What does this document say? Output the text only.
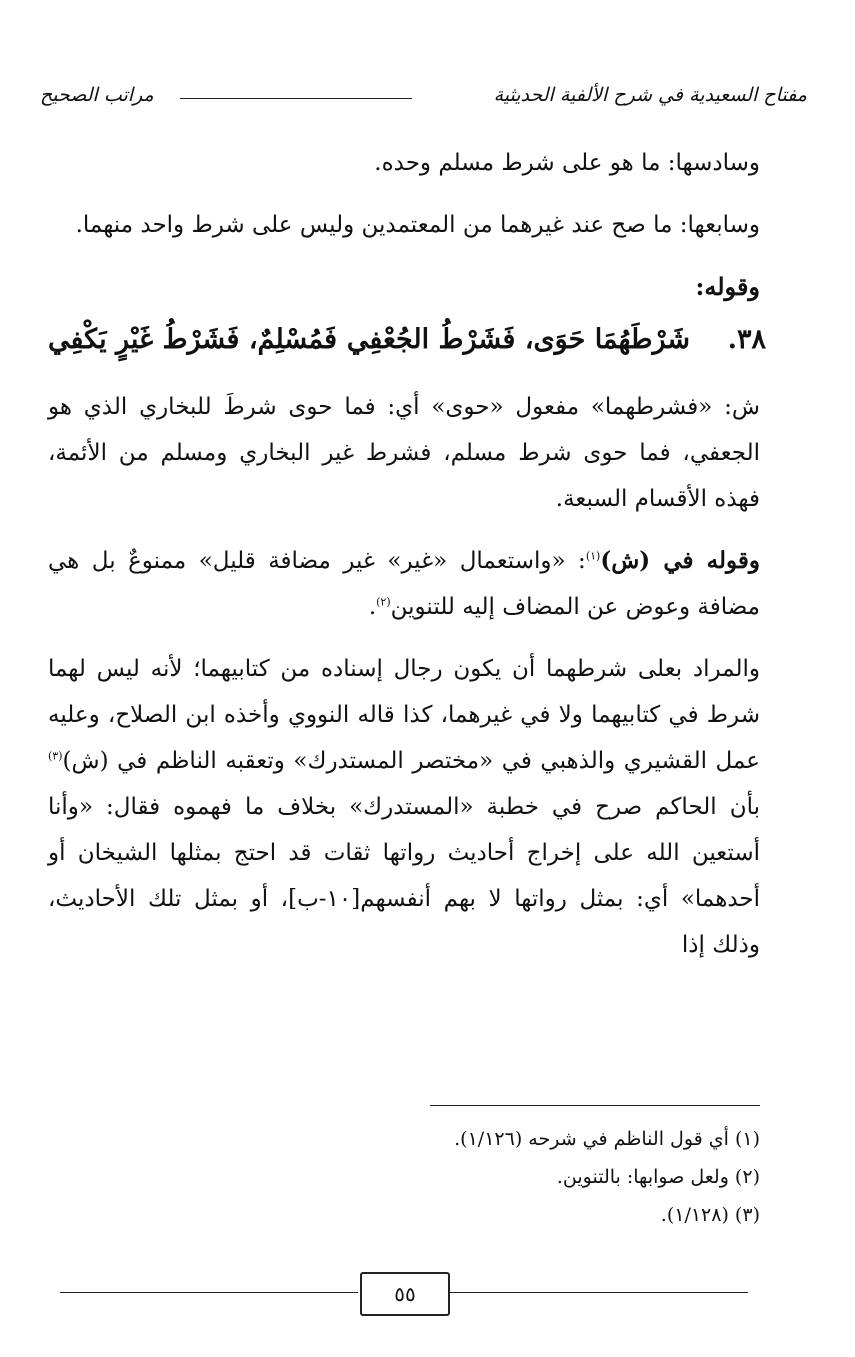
مفتاح السعيدية في شرح الألفية الحديثية
مراتب الصحيح

وسادسها: ما هو على شرط مسلم وحده.

وسابعها: ما صح عند غيرهما من المعتمدين وليس على شرط واحد منهما.

وقوله:
٣٨.
شَرْطَهُمَا حَوَى، فَشَرْطُ الجُعْفِي
فَمُسْلِمٌ، فَشَرْطُ غَيْرٍ يَكْفِي

ش: «فشرطهما» مفعول «حوى» أي: فما حوى شرطَ للبخاري الذي هو الجعفي، فما حوى شرط مسلم، فشرط غير البخاري ومسلم من الأئمة، فهذه الأقسام السبعة.

وقوله في (ش)$^{(١)}$: «واستعمال «غير» غير مضافة قليل» ممنوعٌ بل هي مضافة وعوض عن المضاف إليه للتنوين$^{(٢)}$.

والمراد بعلى شرطهما أن يكون رجال إسناده من كتابيهما؛ لأنه ليس لهما شرط في كتابيهما ولا في غيرهما، كذا قاله النووي وأخذه ابن الصلاح، وعليه عمل القشيري والذهبي في «مختصر المستدرك» وتعقبه الناظم في (ش)$^{(٣)}$ بأن الحاكم صرح في خطبة «المستدرك» بخلاف ما فهموه فقال: «وأنا أستعين الله على إخراج أحاديث رواتها ثقات قد احتج بمثلها الشيخان أو أحدهما» أي: بمثل رواتها لا بهم أنفسهم[١٠-ب]، أو بمثل تلك الأحاديث، وذلك إذا

(١) أي قول الناظم في شرحه (١/١٢٦).
(٢) ولعل صوابها: بالتنوين.
(٣) (١/١٢٨).
٥٥
